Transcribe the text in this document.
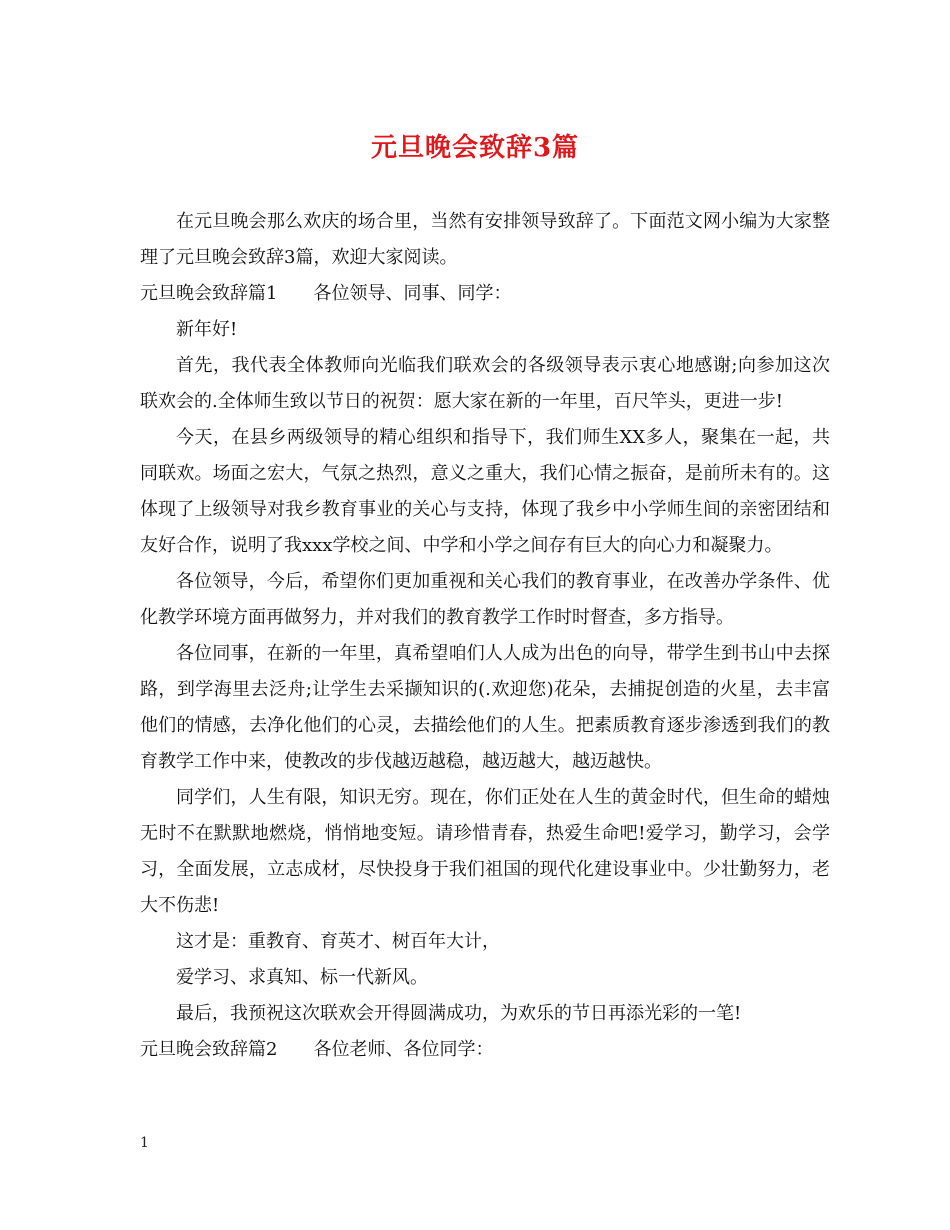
元旦晚会致辞3篇

在元旦晚会那么欢庆的场合里，当然有安排领导致辞了。下面范文网小编为大家整理了元旦晚会致辞3篇，欢迎大家阅读。

元旦晚会致辞篇1 各位领导、同事、同学：

新年好!

首先，我代表全体教师向光临我们联欢会的各级领导表示衷心地感谢;向参加这次联欢会的.全体师生致以节日的祝贺：愿大家在新的一年里，百尺竿头，更进一步!

今天，在县乡两级领导的精心组织和指导下，我们师生XX多人，聚集在一起，共同联欢。场面之宏大，气氛之热烈，意义之重大，我们心情之振奋，是前所未有的。这体现了上级领导对我乡教育事业的关心与支持，体现了我乡中小学师生间的亲密团结和友好合作，说明了我xxx学校之间、中学和小学之间存有巨大的向心力和凝聚力。

各位领导，今后，希望你们更加重视和关心我们的教育事业，在改善办学条件、优化教学环境方面再做努力，并对我们的教育教学工作时时督查，多方指导。

各位同事，在新的一年里，真希望咱们人人成为出色的向导，带学生到书山中去探路，到学海里去泛舟;让学生去采撷知识的(.欢迎您)花朵，去捕捉创造的火星，去丰富他们的情感，去净化他们的心灵，去描绘他们的人生。把素质教育逐步渗透到我们的教育教学工作中来，使教改的步伐越迈越稳，越迈越大，越迈越快。

同学们，人生有限，知识无穷。现在，你们正处在人生的黄金时代，但生命的蜡烛无时不在默默地燃烧，悄悄地变短。请珍惜青春，热爱生命吧!爱学习，勤学习，会学习，全面发展，立志成材，尽快投身于我们祖国的现代化建设事业中。少壮勤努力，老大不伤悲!

这才是：重教育、育英才、树百年大计，

爱学习、求真知、标一代新风。

最后，我预祝这次联欢会开得圆满成功，为欢乐的节日再添光彩的一笔!

元旦晚会致辞篇2 各位老师、各位同学：

1
